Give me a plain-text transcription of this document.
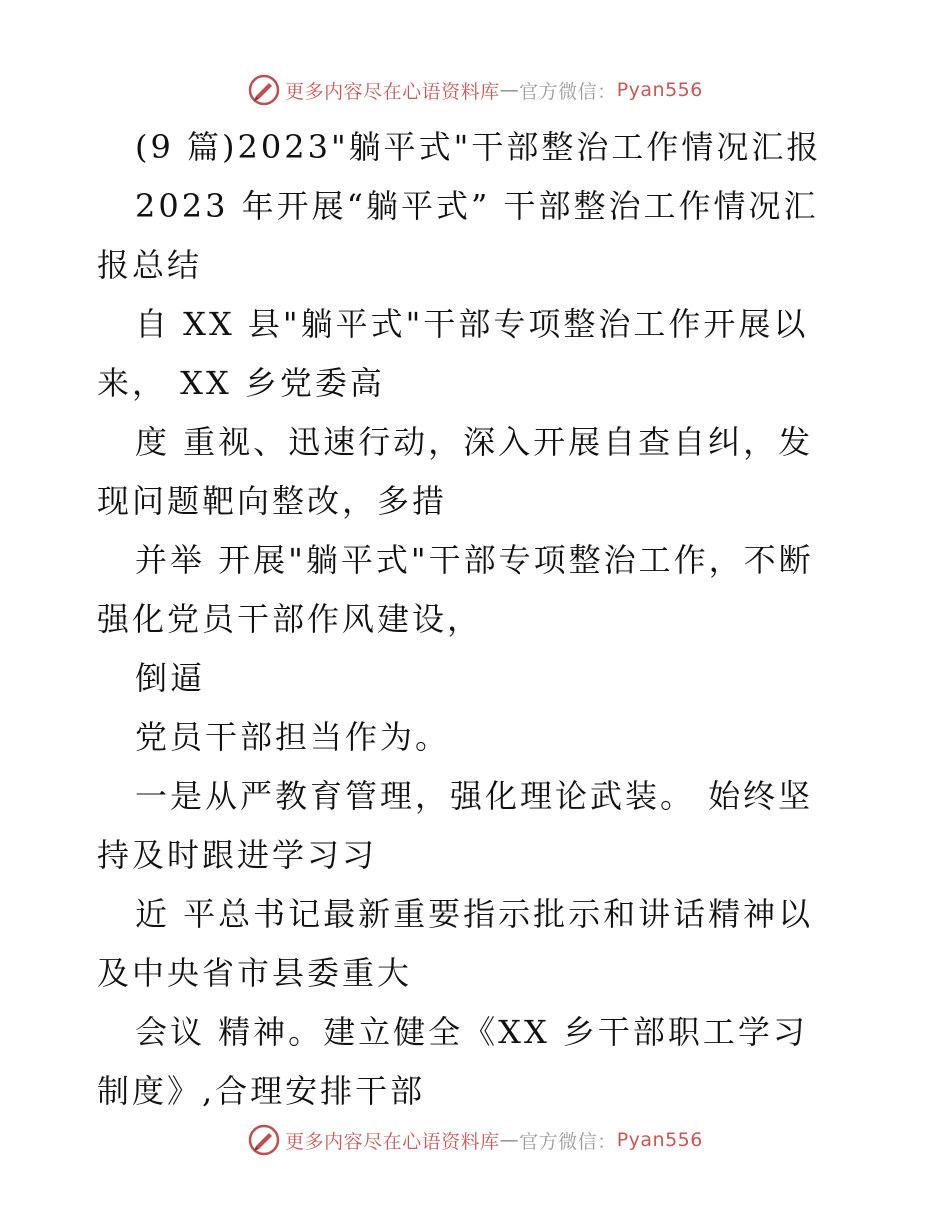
更多内容尽在心语资料库 — 官方微信： Pyan556

(9 篇)2023"躺平式"干部整治工作情况汇报

2023 年开展“躺平式” 干部整治工作情况汇报总结

自 XX 县"躺平式"干部专项整治工作开展以来， XX 乡党委高

度 重视、迅速行动，深入开展自查自纠，发现问题靶向整改，多措

并举 开展"躺平式"干部专项整治工作，不断强化党员干部作风建设，

倒逼

党员干部担当作为。

一是从严教育管理，强化理论武装。 始终坚持及时跟进学习习

近 平总书记最新重要指示批示和讲话精神以及中央省市县委重大

会议 精神。建立健全《XX 乡干部职工学习制度》,合理安排干部

更多内容尽在心语资料库 — 官方微信： Pyan556
